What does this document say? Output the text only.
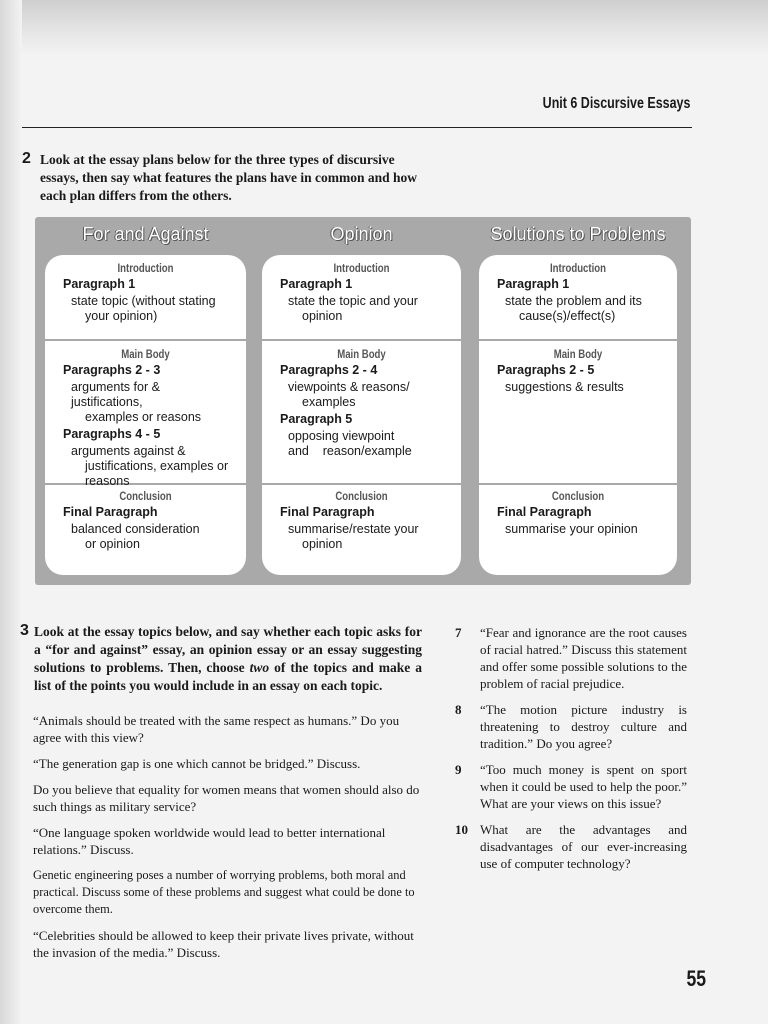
Unit 6 Discursive Essays
2 Look at the essay plans below for the three types of discursive essays, then say what features the plans have in common and how each plan differs from the others.

For and Against
Introduction
Paragraph 1
state topic (without stating
your opinion)
Main Body
Paragraphs 2 - 3
arguments for & justifications,
examples or reasons
Paragraphs 4 - 5
arguments against &
justifications, examples or
reasons
Conclusion
Final Paragraph
balanced consideration
or opinion
Opinion
Introduction
Paragraph 1
state the topic and your
opinion
Main Body
Paragraphs 2 - 4
viewpoints & reasons/
examples
Paragraph 5
opposing viewpoint
and    reason/example
Conclusion
Final Paragraph
summarise/restate your
opinion
Solutions to Problems
Introduction
Paragraph 1
state the problem and its
cause(s)/effect(s)
Main Body
Paragraphs 2 - 5
suggestions & results
Conclusion
Final Paragraph
summarise your opinion
3 Look at the essay topics below, and say whether each topic asks for a “for and against” essay, an opinion essay or an essay suggesting solutions to problems. Then, choose two of the topics and make a list of the points you would include in an essay on each topic.

“Animals should be treated with the same respect as humans.” Do you agree with this view?
“The generation gap is one which cannot be bridged.” Discuss.
Do you believe that equality for women means that women should also do such things as military service?
“One language spoken worldwide would lead to better international relations.” Discuss.
Genetic engineering poses a number of worrying problems, both moral and practical. Discuss some of these problems and suggest what could be done to overcome them.
“Celebrities should be allowed to keep their private lives private, without the invasion of the media.” Discuss.
7 “Fear and ignorance are the root causes of racial hatred.” Discuss this statement and offer some possible solutions to the problem of racial prejudice.
8 “The motion picture industry is threatening to destroy culture and tradition.” Do you agree?
9 “Too much money is spent on sport when it could be used to help the poor.” What are your views on this issue?
10 What are the advantages and disadvantages of our ever-increasing use of computer technology?

55
